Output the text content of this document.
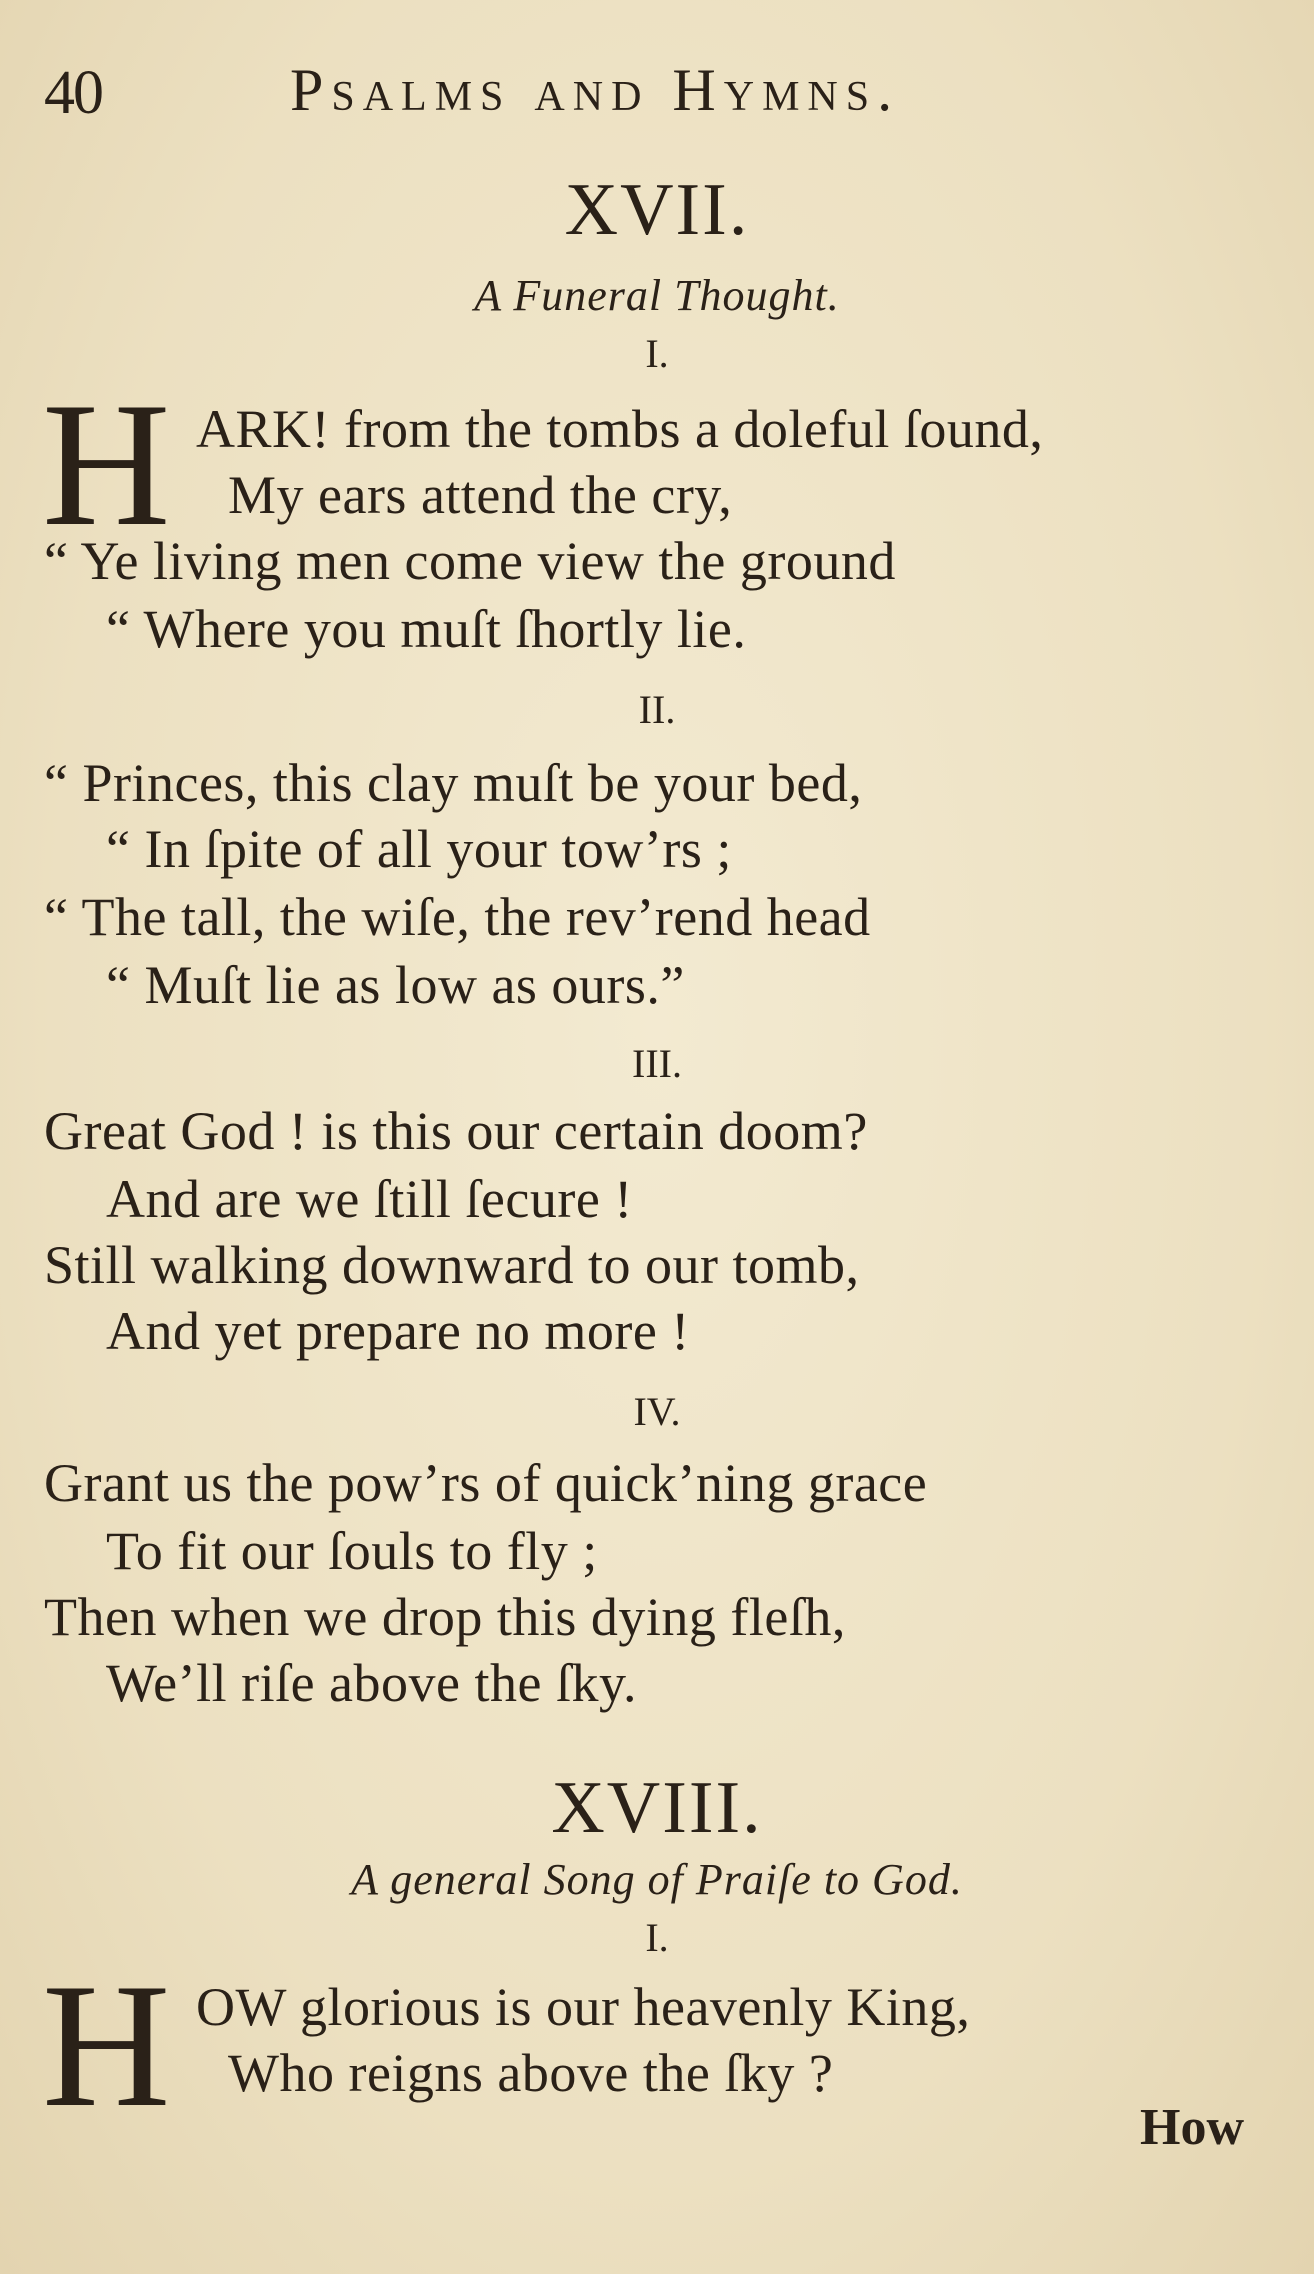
40	Psalms and Hymns.
XVII.
A Funeral Thought.
I.
H ARK! from the tombs a doleful ſound,
My ears attend the cry,
“ Ye living men come view the ground
“ Where you muſt ſhortly lie.
II.
“ Princes, this clay muſt be your bed,
“ In ſpite of all your tow’rs ;
“ The tall, the wiſe, the rev’rend head
“ Muſt lie as low as ours.”
III.
Great God ! is this our certain doom?
And are we ſtill ſecure !
Still walking downward to our tomb,
And yet prepare no more !
IV.
Grant us the pow’rs of quick’ning grace
To fit our ſouls to fly ;
Then when we drop this dying fleſh,
We’ll riſe above the ſky.
XVIII.
A general Song of Praiſe to God.
I.
H OW glorious is our heavenly King,
Who reigns above the ſky ?
How
